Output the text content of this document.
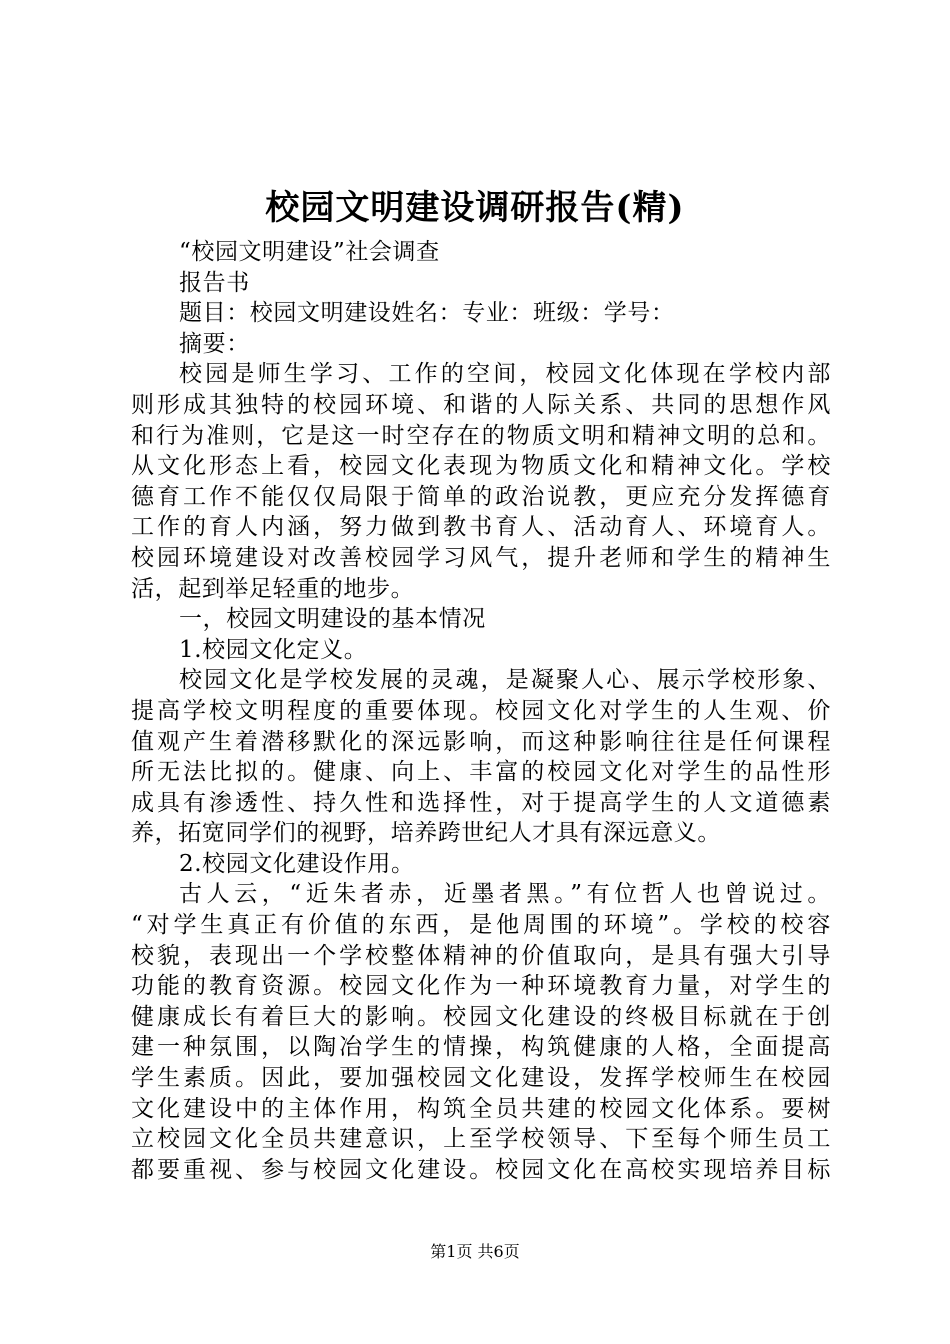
校园文明建设调研报告(精)
“校园文明建设”社会调查
报告书
题目：校园文明建设姓名：专业：班级：学号：
摘要：
校园是师生学习、工作的空间，校园文化体现在学校内部
则形成其独特的校园环境、和谐的人际关系、共同的思想作风
和行为准则，它是这一时空存在的物质文明和精神文明的总和。
从文化形态上看，校园文化表现为物质文化和精神文化。学校
德育工作不能仅仅局限于简单的政治说教，更应充分发挥德育
工作的育人内涵，努力做到教书育人、活动育人、环境育人。
校园环境建设对改善校园学习风气，提升老师和学生的精神生
活，起到举足轻重的地步。
一，校园文明建设的基本情况
1.校园文化定义。
校园文化是学校发展的灵魂，是凝聚人心、展示学校形象、
提高学校文明程度的重要体现。校园文化对学生的人生观、价
值观产生着潜移默化的深远影响，而这种影响往往是任何课程
所无法比拟的。健康、向上、丰富的校园文化对学生的品性形
成具有渗透性、持久性和选择性，对于提高学生的人文道德素
养，拓宽同学们的视野，培养跨世纪人才具有深远意义。
2.校园文化建设作用。
古人云，“近朱者赤，近墨者黑。”有位哲人也曾说过。
“对学生真正有价值的东西，是他周围的环境”。学校的校容
校貌，表现出一个学校整体精神的价值取向，是具有强大引导
功能的教育资源。校园文化作为一种环境教育力量，对学生的
健康成长有着巨大的影响。校园文化建设的终极目标就在于创
建一种氛围，以陶冶学生的情操，构筑健康的人格，全面提高
学生素质。因此，要加强校园文化建设，发挥学校师生在校园
文化建设中的主体作用，构筑全员共建的校园文化体系。要树
立校园文化全员共建意识，上至学校领导、下至每个师生员工
都要重视、参与校园文化建设。校园文化在高校实现培养目标
第1页 共6页
